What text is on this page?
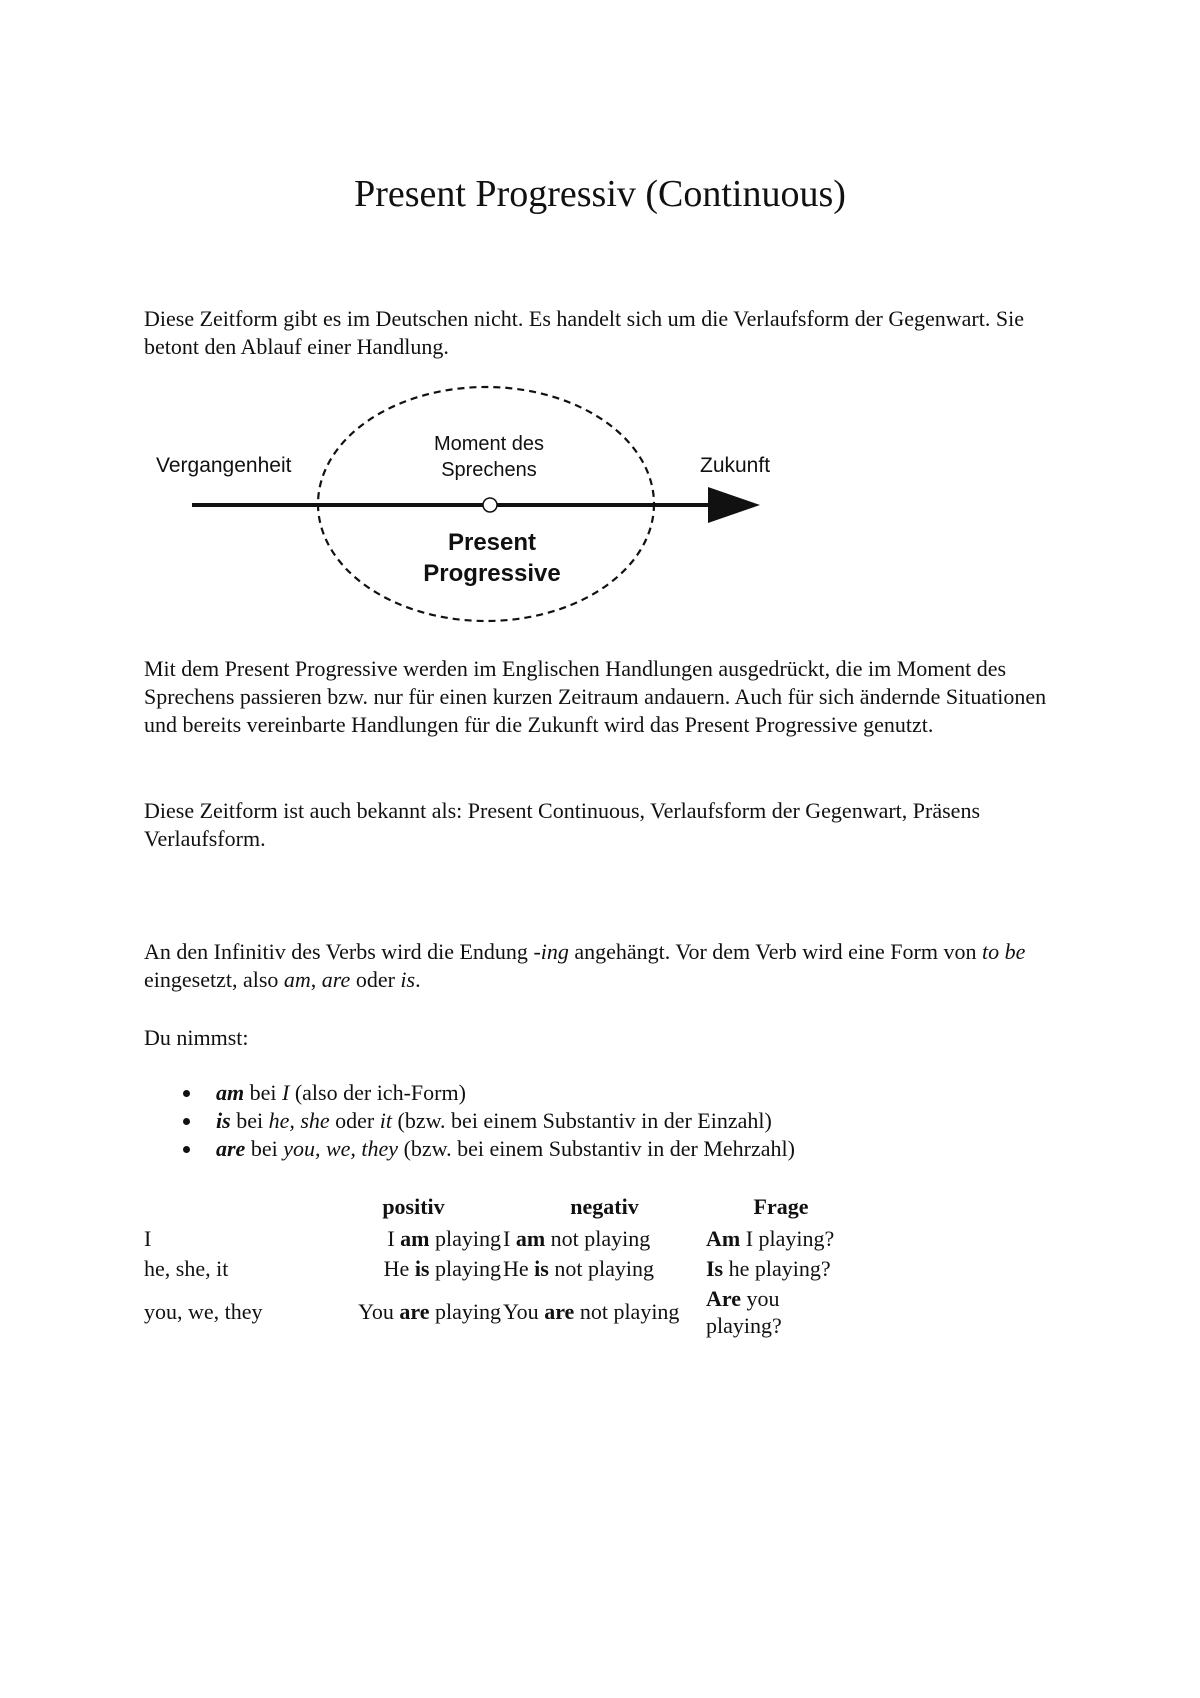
Present Progressiv (Continuous)

Diese Zeitform gibt es im Deutschen nicht. Es handelt sich um die Verlaufsform der Gegenwart. Sie betont den Ablauf einer Handlung.

Vergangenheit	Zukunft
Moment des
Sprechens
Present
Progressive

Mit dem Present Progressive werden im Englischen Handlungen ausgedrückt, die im Moment des Sprechens passieren bzw. nur für einen kurzen Zeitraum andauern. Auch für sich ändernde Situationen und bereits vereinbarte Handlungen für die Zukunft wird das Present Progressive genutzt.

Diese Zeitform ist auch bekannt als: Present Continuous, Verlaufsform der Gegenwart, Präsens Verlaufsform.

An den Infinitiv des Verbs wird die Endung -ing angehängt. Vor dem Verb wird eine Form von to be eingesetzt, also am, are oder is.

Du nimmst:

am bei I (also der ich-Form)
is bei he, she oder it (bzw. bei einem Substantiv in der Einzahl)
are bei you, we, they (bzw. bei einem Substantiv in der Mehrzahl)
	positiv	negativ	Frage
I	I am playing	I am not playing	Am I playing?
he, she, it	He is playing	He is not playing	Is he playing?
you, we, they	You are playing	You are not playing	Are you playing?
